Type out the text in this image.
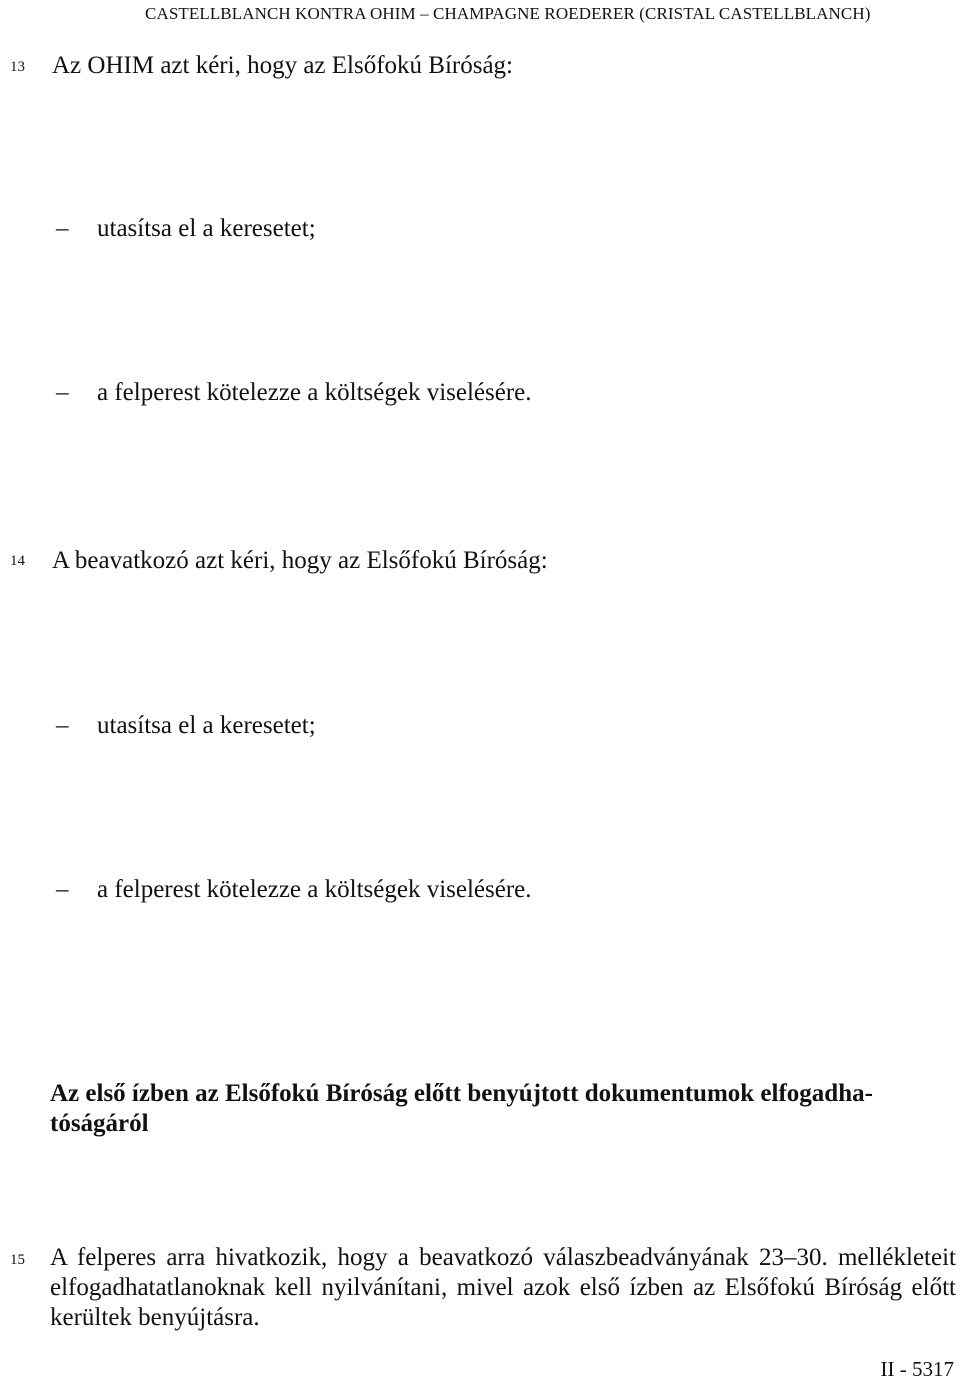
CASTELLBLANCH KONTRA OHIM – CHAMPAGNE ROEDERER (CRISTAL CASTELLBLANCH)
13 Az OHIM azt kéri, hogy az Elsőfokú Bíróság:
– utasítsa el a keresetet;
– a felperest kötelezze a költségek viselésére.
14 A beavatkozó azt kéri, hogy az Elsőfokú Bíróság:
– utasítsa el a keresetet;
– a felperest kötelezze a költségek viselésére.
Az első ízben az Elsőfokú Bíróság előtt benyújtott dokumentumok elfogadhatóságáról
15 A felperes arra hivatkozik, hogy a beavatkozó válaszbeadványának 23–30. mellékleteit elfogadhatatlanoknak kell nyilvánítani, mivel azok első ízben az Elsőfokú Bíróság előtt kerültek benyújtásra.
II - 5317
